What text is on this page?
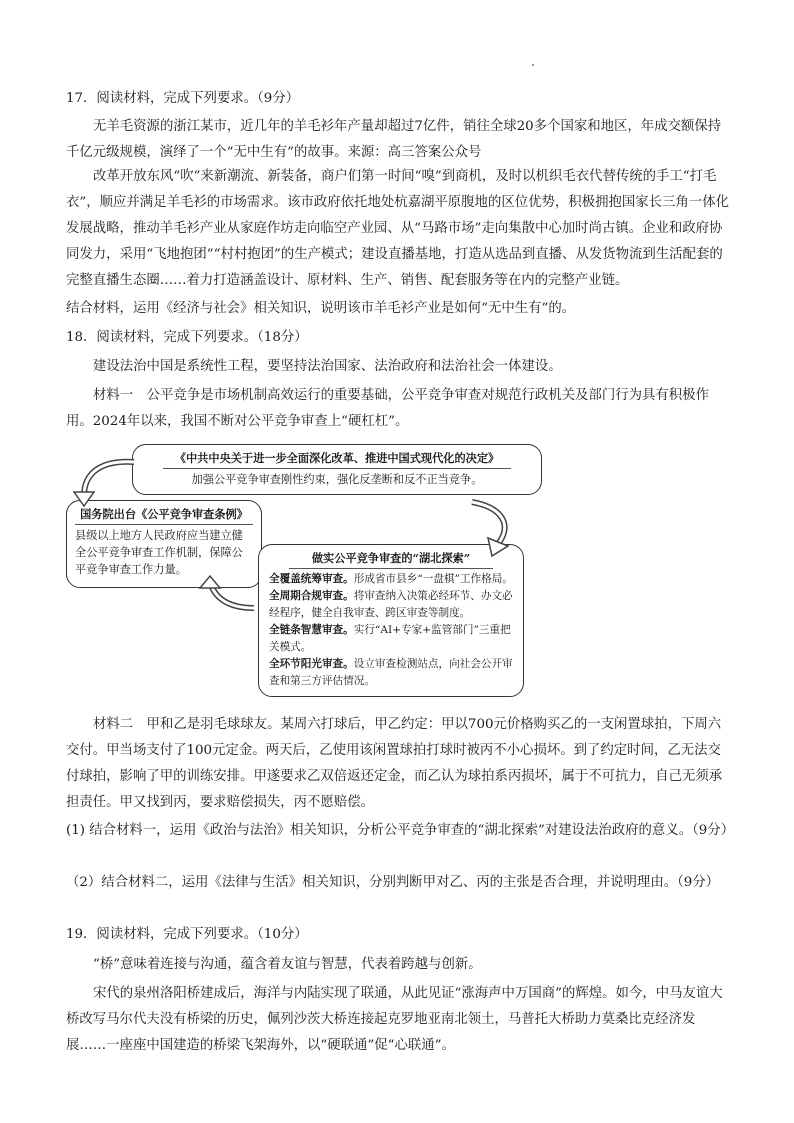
17．阅读材料，完成下列要求。（9分）
无羊毛资源的浙江某市，近几年的羊毛衫年产量却超过7亿件，销往全球20多个国家和地区，年成交额保持千亿元级规模，演绎了一个“无中生有”的故事。来源：高三答案公众号
改革开放东风“吹”来新潮流、新装备，商户们第一时间“嗅”到商机，及时以机织毛衣代替传统的手工“打毛衣”，顺应并满足羊毛衫的市场需求。该市政府依托地处杭嘉湖平原腹地的区位优势，积极拥抱国家长三角一体化发展战略，推动羊毛衫产业从家庭作坊走向临空产业园、从“马路市场”走向集散中心加时尚古镇。企业和政府协同发力，采用“飞地抱团”“村村抱团”的生产模式；建设直播基地，打造从选品到直播、从发货物流到生活配套的完整直播生态圈……着力打造涵盖设计、原材料、生产、销售、配套服务等在内的完整产业链。
结合材料，运用《经济与社会》相关知识，说明该市羊毛衫产业是如何“无中生有”的。
18．阅读材料，完成下列要求。（18分）
建设法治中国是系统性工程，要坚持法治国家、法治政府和法治社会一体建设。
材料一　公平竞争是市场机制高效运行的重要基础，公平竞争审查对规范行政机关及部门行为具有积极作用。2024年以来，我国不断对公平竞争审查上“硬杠杠”。
《中共中央关于进一步全面深化改革、推进中国式现代化的决定》
加强公平竞争审查刚性约束，强化反垄断和反不正当竞争。
国务院出台《公平竞争审查条例》
县级以上地方人民政府应当建立健全公平竞争审查工作机制，保障公平竞争审查工作力量。
做实公平竞争审查的“湖北探索”
全覆盖统筹审查。形成省市县乡“一盘棋”工作格局。
全周期合规审查。将审查纳入决策必经环节、办文必经程序，健全自我审查、跨区审查等制度。
全链条智慧审查。实行“AI+专家+监管部门”三重把关模式。
全环节阳光审查。设立审查检测站点，向社会公开审查和第三方评估情况。
材料二　甲和乙是羽毛球球友。某周六打球后，甲乙约定：甲以700元价格购买乙的一支闲置球拍，下周六交付。甲当场支付了100元定金。两天后，乙使用该闲置球拍打球时被丙不小心损坏。到了约定时间，乙无法交付球拍，影响了甲的训练安排。甲遂要求乙双倍返还定金，而乙认为球拍系丙损坏，属于不可抗力，自己无须承担责任。甲又找到丙，要求赔偿损失，丙不愿赔偿。
(1) 结合材料一，运用《政治与法治》相关知识，分析公平竞争审查的“湖北探索”对建设法治政府的意义。（9分）
（2）结合材料二，运用《法律与生活》相关知识，分别判断甲对乙、丙的主张是否合理，并说明理由。（9分）
19．阅读材料，完成下列要求。（10分）
“桥”意味着连接与沟通，蕴含着友谊与智慧，代表着跨越与创新。
宋代的泉州洛阳桥建成后，海洋与内陆实现了联通，从此见证“涨海声中万国商”的辉煌。如今，中马友谊大桥改写马尔代夫没有桥梁的历史，佩列沙茨大桥连接起克罗地亚南北领土，马普托大桥助力莫桑比克经济发展……一座座中国建造的桥梁飞架海外，以“硬联通”促“心联通”。
